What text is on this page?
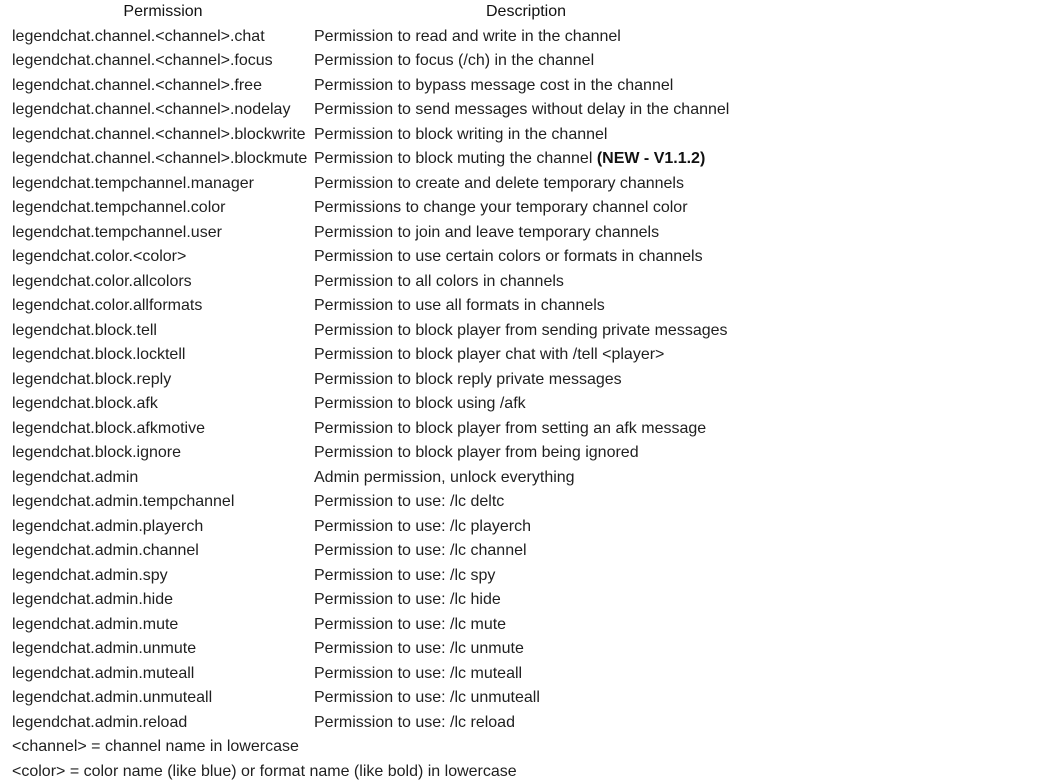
Permission	Description
legendchat.channel.<channel>.chat	Permission to read and write in the channel
legendchat.channel.<channel>.focus	Permission to focus (/ch) in the channel
legendchat.channel.<channel>.free	Permission to bypass message cost in the channel
legendchat.channel.<channel>.nodelay	Permission to send messages without delay in the channel
legendchat.channel.<channel>.blockwrite Permission to block writing in the channel
legendchat.channel.<channel>.blockmute Permission to block muting the channel (NEW - V1.1.2)
legendchat.tempchannel.manager	Permission to create and delete temporary channels
legendchat.tempchannel.color	Permissions to change your temporary channel color
legendchat.tempchannel.user	Permission to join and leave temporary channels
legendchat.color.<color>	Permission to use certain colors or formats in channels
legendchat.color.allcolors	Permission to all colors in channels
legendchat.color.allformats	Permission to use all formats in channels
legendchat.block.tell	Permission to block player from sending private messages
legendchat.block.locktell	Permission to block player chat with /tell <player>
legendchat.block.reply	Permission to block reply private messages
legendchat.block.afk	Permission to block using /afk
legendchat.block.afkmotive	Permission to block player from setting an afk message
legendchat.block.ignore	Permission to block player from being ignored
legendchat.admin	Admin permission, unlock everything
legendchat.admin.tempchannel	Permission to use: /lc deltc
legendchat.admin.playerch	Permission to use: /lc playerch
legendchat.admin.channel	Permission to use: /lc channel
legendchat.admin.spy	Permission to use: /lc spy
legendchat.admin.hide	Permission to use: /lc hide
legendchat.admin.mute	Permission to use: /lc mute
legendchat.admin.unmute	Permission to use: /lc unmute
legendchat.admin.muteall	Permission to use: /lc muteall
legendchat.admin.unmuteall	Permission to use: /lc unmuteall
legendchat.admin.reload	Permission to use: /lc reload
<channel> = channel name in lowercase
<color> = color name (like blue) or format name (like bold) in lowercase
